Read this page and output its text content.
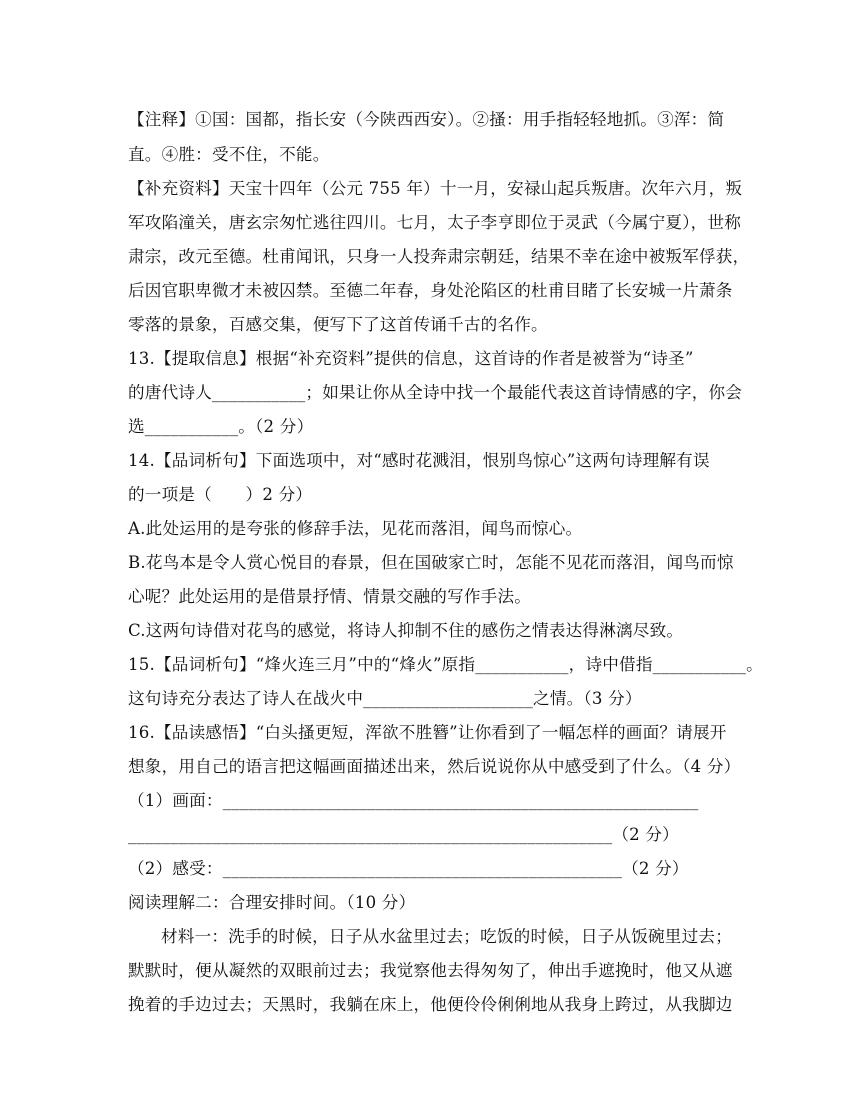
【注释】①国：国都，指长安（今陕西西安）。②搔：用手指轻轻地抓。③浑：简
直。④胜：受不住，不能。
【补充资料】天宝十四年（公元 755 年）十一月，安禄山起兵叛唐。次年六月，叛
军攻陷潼关，唐玄宗匆忙逃往四川。七月，太子李亨即位于灵武（今属宁夏），世称
肃宗，改元至德。杜甫闻讯，只身一人投奔肃宗朝廷，结果不幸在途中被叛军俘获，
后因官职卑微才未被囚禁。至德二年春，身处沦陷区的杜甫目睹了长安城一片萧条
零落的景象，百感交集，便写下了这首传诵千古的名作。
13.【提取信息】根据“补充资料”提供的信息，这首诗的作者是被誉为“诗圣”
的唐代诗人___________；如果让你从全诗中找一个最能代表这首诗情感的字，你会
选___________。（2 分）
14.【品词析句】下面选项中，对“感时花溅泪，恨别鸟惊心”这两句诗理解有误
的一项是（　　）2 分）
A.此处运用的是夸张的修辞手法，见花而落泪，闻鸟而惊心。
B.花鸟本是令人赏心悦目的春景，但在国破家亡时，怎能不见花而落泪，闻鸟而惊
心呢？此处运用的是借景抒情、情景交融的写作手法。
C.这两句诗借对花鸟的感觉，将诗人抑制不住的感伤之情表达得淋漓尽致。
15.【品词析句】“烽火连三月”中的“烽火”原指___________，诗中借指___________。
这句诗充分表达了诗人在战火中____________________之情。（3 分）
16.【品读感悟】“白头搔更短，浑欲不胜簪”让你看到了一幅怎样的画面？请展开
想象，用自己的语言把这幅画面描述出来，然后说说你从中感受到了什么。（4 分）
（1）画面：________________________________________________________
_________________________________________________________（2 分）
（2）感受：_______________________________________________（2 分）
阅读理解二：合理安排时间。（10 分）
材料一：洗手的时候，日子从水盆里过去；吃饭的时候，日子从饭碗里过去；
默默时，便从凝然的双眼前过去；我觉察他去得匆匆了，伸出手遮挽时，他又从遮
挽着的手边过去；天黑时，我躺在床上，他便伶伶俐俐地从我身上跨过，从我脚边
